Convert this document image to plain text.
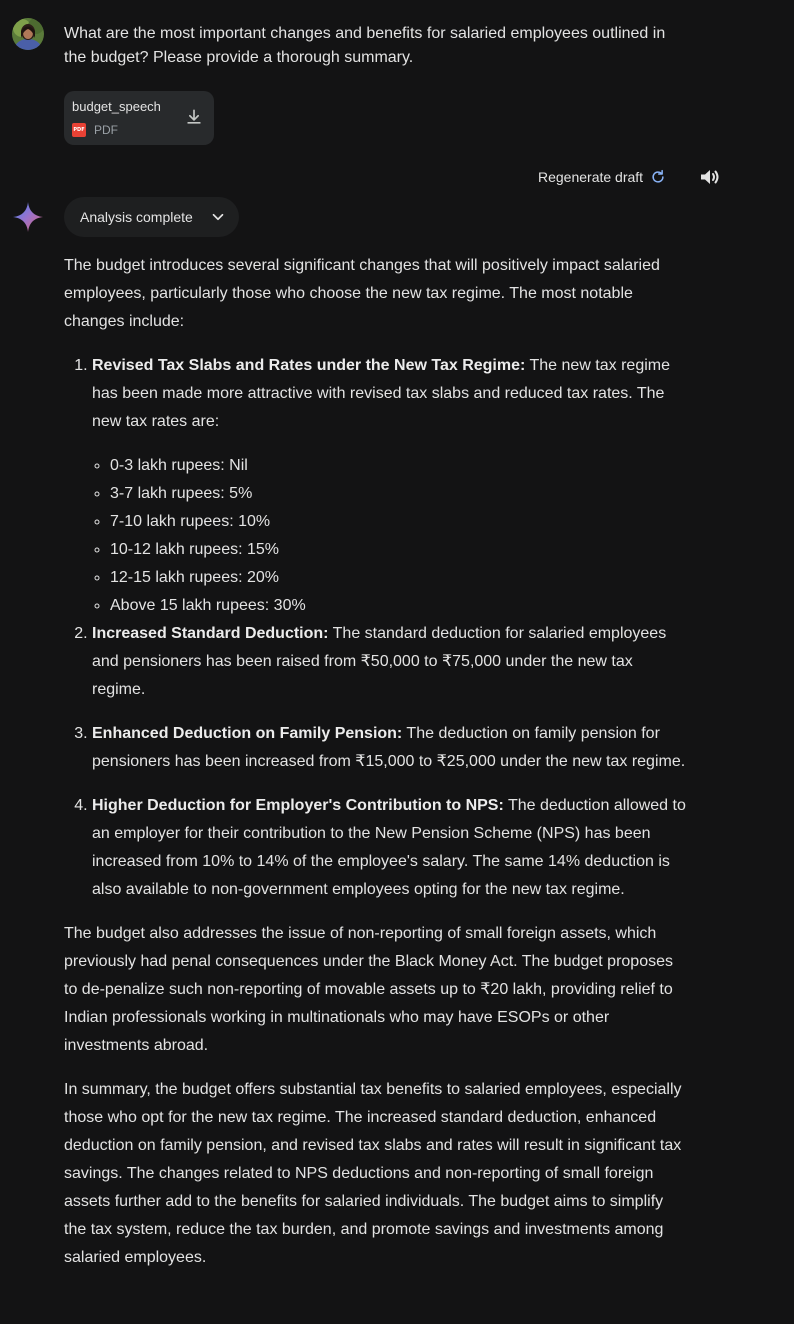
What are the most important changes and benefits for salaried employees outlined in the budget? Please provide a thorough summary.
budget_speech
PDF PDF
Regenerate draft
Analysis complete

The budget introduces several significant changes that will positively impact salaried employees, particularly those who choose the new tax regime. The most notable changes include:

1. Revised Tax Slabs and Rates under the New Tax Regime: The new tax regime has been made more attractive with revised tax slabs and reduced tax rates. The new tax rates are:
◦ 0-3 lakh rupees: Nil
◦ 3-7 lakh rupees: 5%
◦ 7-10 lakh rupees: 10%
◦ 10-12 lakh rupees: 15%
◦ 12-15 lakh rupees: 20%
◦ Above 15 lakh rupees: 30%
2. Increased Standard Deduction: The standard deduction for salaried employees and pensioners has been raised from ₹50,000 to ₹75,000 under the new tax regime.
3. Enhanced Deduction on Family Pension: The deduction on family pension for pensioners has been increased from ₹15,000 to ₹25,000 under the new tax regime.
4. Higher Deduction for Employer's Contribution to NPS: The deduction allowed to an employer for their contribution to the New Pension Scheme (NPS) has been increased from 10% to 14% of the employee's salary. The same 14% deduction is also available to non-government employees opting for the new tax regime.

The budget also addresses the issue of non-reporting of small foreign assets, which previously had penal consequences under the Black Money Act. The budget proposes to de-penalize such non-reporting of movable assets up to ₹20 lakh, providing relief to Indian professionals working in multinationals who may have ESOPs or other investments abroad.

In summary, the budget offers substantial tax benefits to salaried employees, especially those who opt for the new tax regime. The increased standard deduction, enhanced deduction on family pension, and revised tax slabs and rates will result in significant tax savings. The changes related to NPS deductions and non-reporting of small foreign assets further add to the benefits for salaried individuals. The budget aims to simplify the tax system, reduce the tax burden, and promote savings and investments among salaried employees.
